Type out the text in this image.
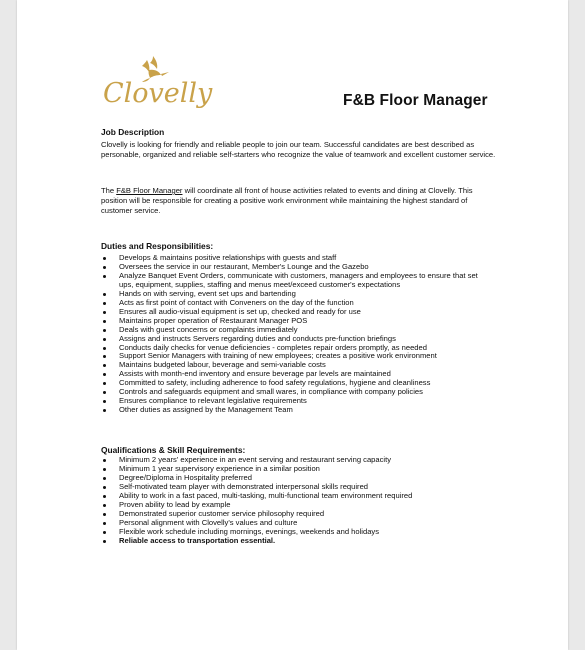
Clovelly	F&B Floor Manager
Job Description
Clovelly is looking for friendly and reliable people to join our team. Successful candidates are best described as personable, organized and reliable self-starters who recognize the value of teamwork and excellent customer service.
The F&B Floor Manager will coordinate all front of house activities related to events and dining at Clovelly. This position will be responsible for creating a positive work environment while maintaining the highest standard of customer service.
Duties and Responsibilities:
Develops & maintains positive relationships with guests and staff
Oversees the service in our restaurant, Member's Lounge and the Gazebo
Analyze Banquet Event Orders, communicate with customers, managers and employees to ensure that set ups, equipment, supplies, staffing and menus meet/exceed customer's expectations
Hands on with serving, event set ups and bartending
Acts as first point of contact with Conveners on the day of the function
Ensures all audio-visual equipment is set up, checked and ready for use
Maintains proper operation of Restaurant Manager POS
Deals with guest concerns or complaints immediately
Assigns and instructs Servers regarding duties and conducts pre-function briefings
Conducts daily checks for venue deficiencies - completes repair orders promptly, as needed
Support Senior Managers with training of new employees; creates a positive work environment
Maintains budgeted labour, beverage and semi-variable costs
Assists with month-end inventory and ensure beverage par levels are maintained
Committed to safety, including adherence to food safety regulations, hygiene and cleanliness
Controls and safeguards equipment and small wares, in compliance with company policies
Ensures compliance to relevant legislative requirements
Other duties as assigned by the Management Team
Qualifications & Skill Requirements:
Minimum 2 years' experience in an event serving and restaurant serving capacity
Minimum 1 year supervisory experience in a similar position
Degree/Diploma in Hospitality preferred
Self-motivated team player with demonstrated interpersonal skills required
Ability to work in a fast paced, multi-tasking, multi-functional team environment required
Proven ability to lead by example
Demonstrated superior customer service philosophy required
Personal alignment with Clovelly's values and culture
Flexible work schedule including mornings, evenings, weekends and holidays
Reliable access to transportation essential.
